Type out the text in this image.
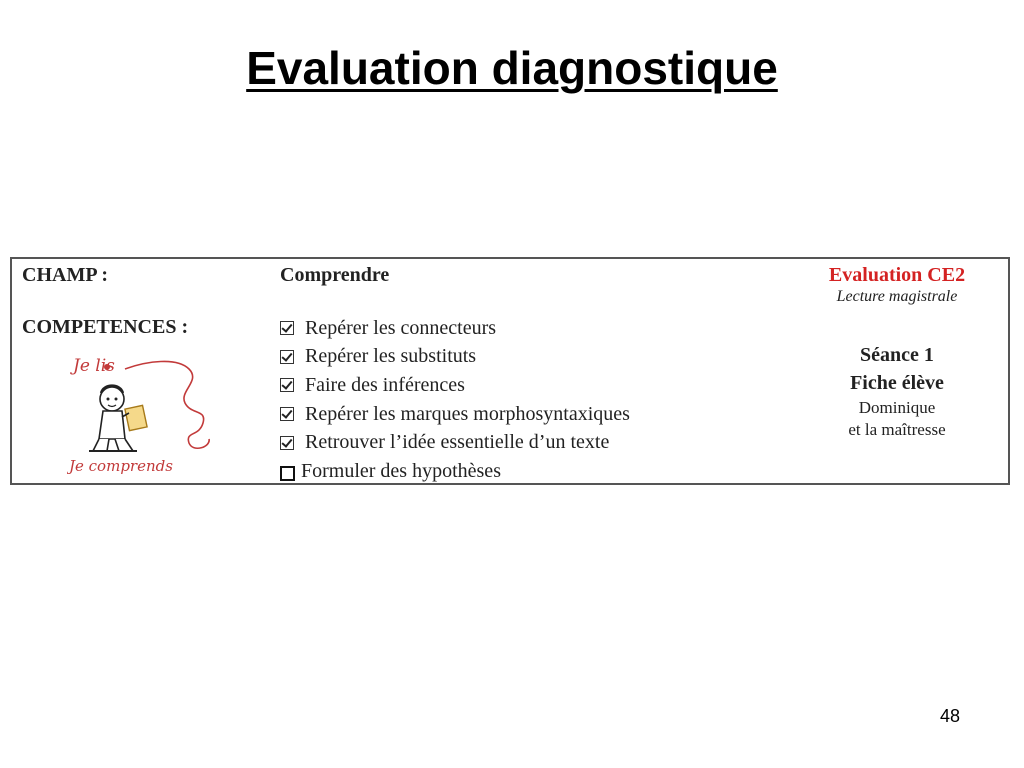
Evaluation diagnostique
CHAMP :	Comprendre
COMPETENCES :	Repérer les connecteurs
Repérer les substituts
Faire des inférences
Repérer les marques morphosyntaxiques
Retrouver l’idée essentielle d’un texte
Formuler des hypothèses
Evaluation CE2
Lecture magistrale
Séance 1
Fiche élève
Dominique
et la maîtresse
Je lis
Je comprends
48
